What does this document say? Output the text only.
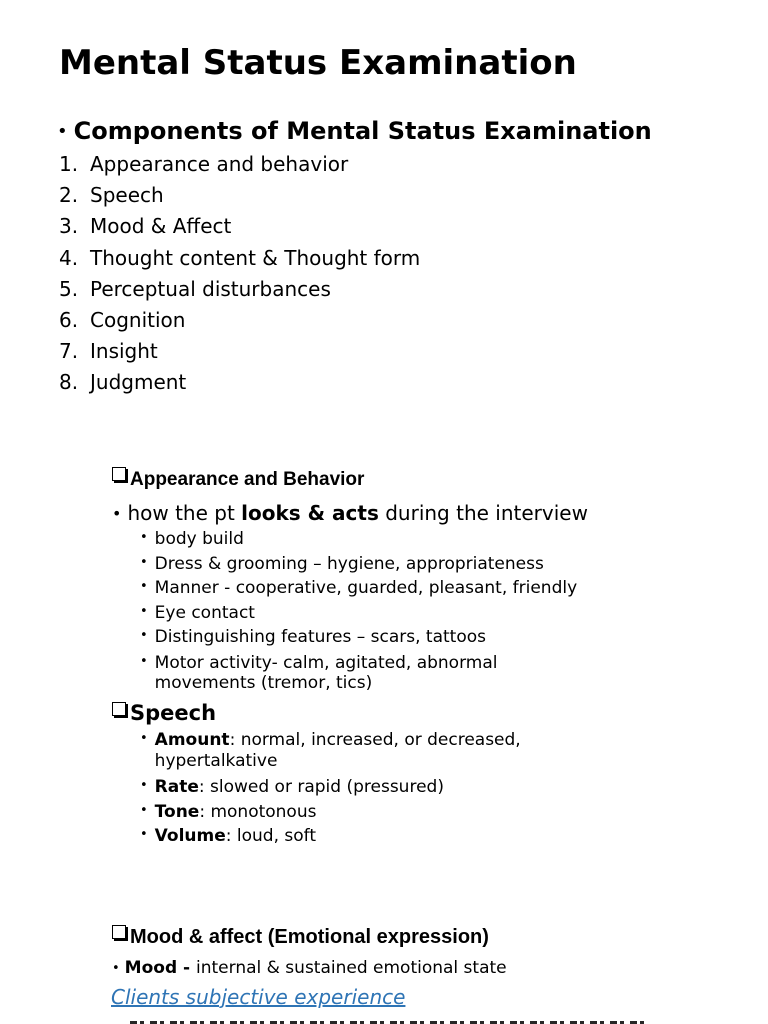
Mental Status Examination
• Components of Mental Status Examination
1. Appearance and behavior
2. Speech
3. Mood & Affect
4. Thought content & Thought form
5. Perceptual disturbances
6. Cognition
7. Insight
8. Judgment
Appearance and Behavior
• how the pt looks & acts during the interview
• body build
• Dress & grooming – hygiene, appropriateness
• Manner - cooperative, guarded, pleasant, friendly
• Eye contact
• Distinguishing features – scars, tattoos
• Motor activity- calm, agitated, abnormal movements (tremor, tics)
Speech
• Amount: normal, increased, or decreased, hypertalkative
• Rate: slowed or rapid (pressured)
• Tone: monotonous
• Volume: loud, soft
Mood & affect (Emotional expression)
• Mood - internal & sustained emotional state
Clients subjective experience
